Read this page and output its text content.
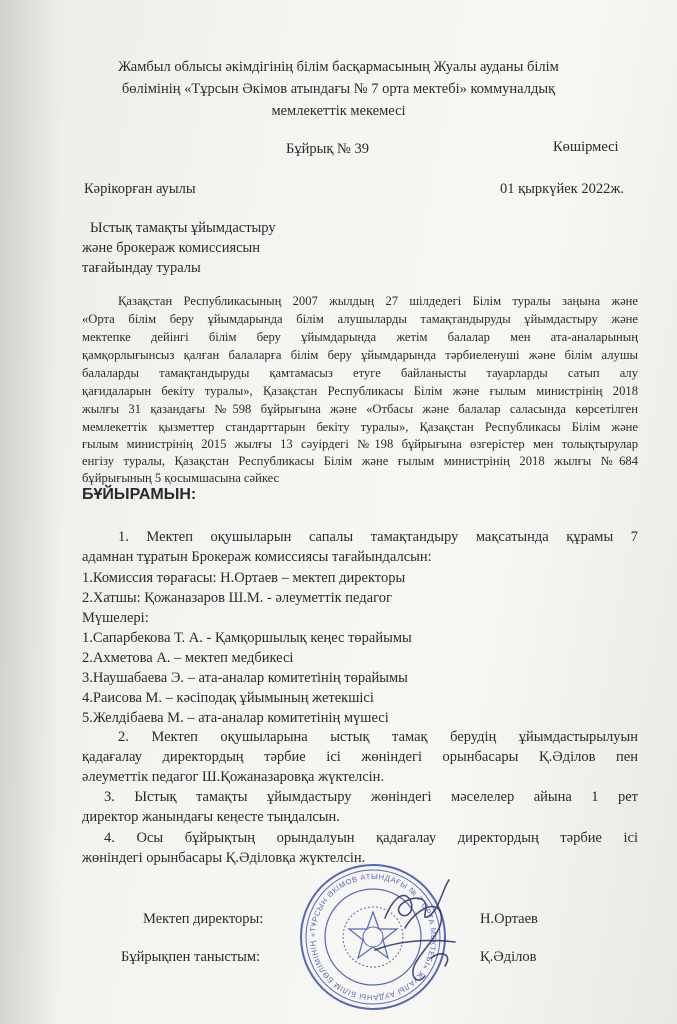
Жамбыл облысы әкімдігінің білім басқармасының Жуалы ауданы білім
бөлімінің «Тұрсын Әкімов атындағы № 7 орта мектебі» коммуналдық
мемлекеттік мекемесі
Бұйрық № 39	Көшірмесі
Кәрікорған ауылы	01 қыркүйек 2022ж.
Ыстық тамақты ұйымдастыру
және брокераж комиссиясын
тағайындау туралы
Қазақстан Республикасының 2007 жылдың 27 шілдедегі Білім туралы заңына және
«Орта білім беру ұйымдарында білім алушыларды тамақтандыруды ұйымдастыру және
мектепке дейінгі білім беру ұйымдарында жетім балалар мен ата-аналарының
қамқорлығынсыз қалған балаларға білім беру ұйымдарында тәрбиеленуші және білім алушы
балаларды тамақтандыруды қамтамасыз етуге байланысты тауарларды сатып алу
қағидаларын бекіту туралы», Қазақстан Республикасы Білім және ғылым министрінің 2018
жылғы 31 қазандағы №598 бұйрығына және «Отбасы және балалар саласында көрсетілген
мемлекеттік қызметтер стандарттарын бекіту туралы», Қазақстан Республикасы Білім және
ғылым министрінің 2015 жылғы 13 сәуірдегі №198 бұйрығына өзгерістер мен толықтырулар
енгізу туралы, Қазақстан Республикасы Білім және ғылым министрінің 2018 жылғы №684
бұйрығының 5 қосымшасына сәйкес
БҰЙЫРАМЫН:
1. Мектеп оқушыларын сапалы тамақтандыру мақсатында құрамы 7
адамнан тұратын Брокераж комиссиясы тағайындалсын:
1.Комиссия төрағасы: Н.Ортаев – мектеп директоры
2.Хатшы: Қожаназаров Ш.М. - әлеуметтік педагог
Мүшелері:
1.Сапарбекова Т. А. - Қамқоршылық кеңес төрайымы
2.Ахметова А. – мектеп медбикесі
3.Наушабаева Э. – ата-аналар комитетінің төрайымы
4.Раисова М. – кәсіподақ ұйымының жетекшісі
5.Желдібаева М. – ата-аналар комитетінің мүшесі
2. Мектеп оқушыларына ыстық тамақ берудің ұйымдастырылуын
қадағалау директордың тәрбие ісі жөніндегі орынбасары Қ.Әділов пен
әлеуметтік педагог Ш.Қожаназаровқа жүктелсін.
3. Ыстық тамақты ұйымдастыру жөніндегі мәселелер айына 1 рет
директор жанындағы кеңесте тыңдалсын.
4. Осы бұйрықтың орындалуын қадағалау директордың тәрбие ісі
жөніндегі орынбасары Қ.Әділовқа жүктелсін.
«ТҰРСЫН ӘКІМОВ АТЫНДАҒЫ № 7 ОРТА МЕКТЕБІ» ЖУАЛЫ АУДАНЫ БІЛІМ БӨЛІМІНІҢ
Мектеп директоры:	Н.Ортаев
Бұйрықпен таныстым:	Қ.Әділов
